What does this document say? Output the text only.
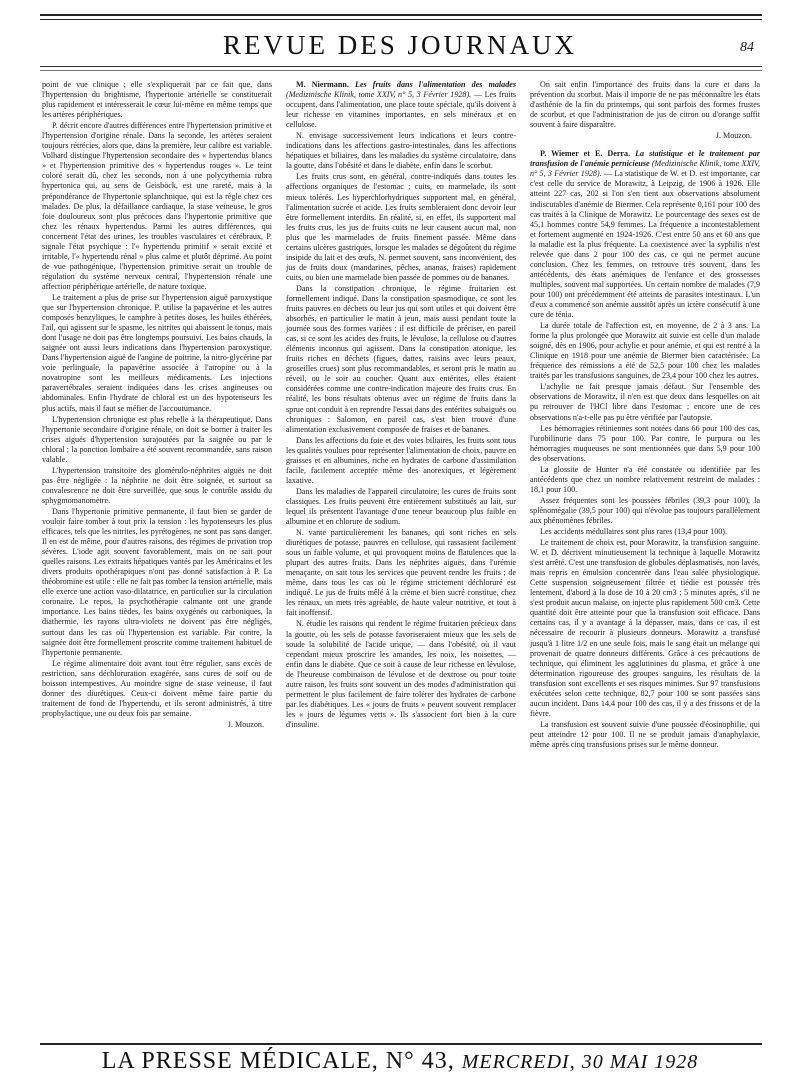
REVUE DES JOURNAUX	84

point de vue clinique ; elle s'expliquerait par ce fait que, dans l'hypertension du brightisme, l'hypertonie artérielle se constituerait plus rapidement et intéresserait le cœur lui-même en même temps que les artères périphériques.

P. décrit encore d'autres différences entre l'hypertension primitive et l'hypertension d'origine rénale. Dans la seconde, les artères seraient toujours rétrécies, alors que, dans la première, leur calibre est variable. Volhard distingue l'hypertension secondaire des « hypertendus blancs » et l'hypertension primitive des « hypertendus rouges ». Le teint coloré serait dû, chez les seconds, non à une polycythemia rubra hypertonica qui, au sens de Geisböck, est une rareté, mais à la prépondérance de l'hypertonie splanchnique, qui est la règle chez ces malades. De plus, la défaillance cardiaque, la stase veineuse, le gros foie douloureux sont plus précoces dans l'hypertonie primitive que chez les rénaux hypertendus. Parmi les autres différences, qui concernent l'état des urines, les troubles vasculaires et cérébraux, P. signale l'état psychique : l'« hypertendu primitif » serait excité et irritable, l'« hypertendu rénal » plus calme et plutôt déprimé. Au point de vue pathogénique, l'hypertension primitive serait un trouble de régulation du système nerveux central, l'hypertension rénale une affection périphérique artérielle, de nature toxique.

Le traitement a plus de prise sur l'hypertension aiguë paroxystique que sur l'hypertension chronique. P. utilise la papavérine et les autres composés benzyliques, le camphre à petites doses, les huiles éthérées, l'ail, qui agissent sur le spasme, les nitrites qui abaissent le tonus, mais dont l'usage ne doit pas être longtemps poursuivi. Les bains chauds, la saignée ont aussi leurs indications dans l'hypertension paroxystique. Dans l'hypertension aiguë de l'angine de poitrine, la nitro-glycérine par voie perlinguale, la papavérine associée à l'atropine ou à la novatropine sont les meilleurs médicaments. Les injections paravertébrales seraient indiquées dans les crises angineuses ou abdominales. Enfin l'hydrate de chloral est un des hypotenseurs les plus actifs, mais il faut se méfier de l'accoutumance.

L'hypertension chronique est plus rebelle à la thérapeutique. Dans l'hypertonie secondaire d'origine rénale, on doit se borner à traiter les crises aiguës d'hypertension surajoutées par la saignée ou par le chloral ; la ponction lombaire a été souvent recommandée, sans raison valable.

L'hypertension transitoire des glomérulo-néphrites aiguës ne doit pas être négligée : la néphrite ne doit être soignée, et surtout sa convalescence ne doit être surveillée, que sous le contrôle assidu du sphygmomanomètre.

Dans l'hypertonie primitive permanente, il faut bien se garder de vouloir faire tomber à tout prix la tension : les hypotenseurs les plus efficaces, tels que les nitrites, les pyrétogènes, ne sont pas sans danger. Il en est de même, pour d'autres raisons, des régimes de privation trop sévères. L'iode agit souvent favorablement, mais on ne sait pour quelles raisons. Les extraits hépatiques vantés par les Américains et les divers produits opothérapiques n'ont pas donné satisfaction à P. La théobromine est utile : elle ne fait pas tomber la tension artérielle, mais elle exerce une action vaso-dilatatrice, en particulier sur la circulation coronaire. Le repos, la psychothérapie calmante ont une grande importance. Les bains tièdes, les bains oxygénés ou carboniques, la diathermie, les rayons ultra-violets ne doivent pas être négligés, surtout dans les cas où l'hypertension est variable. Par contre, la saignée doit être formellement proscrite comme traitement habituel de l'hypertonie permanente.

Le régime alimentaire doit avant tout être régulier, sans excès de restriction, sans déchloruration exagérée, sans cures de soif ou de boisson intempestives. Au moindre signe de stase veineuse, il faut donner des diurétiques. Ceux-ci doivent même faire partie du traitement de fond de l'hypertendu, et ils seront administrés, à titre prophylactique, une ou deux fois par semaine.

J. Mouzon.

M. Niermann. Les fruits dans l'alimentation des malades (Medizinische Klinik, tome XXIV, n° 5, 3 Février 1928). — Les fruits occupent, dans l'alimentation, une place toute spéciale, qu'ils doivent à leur richesse en vitamines importantes, en sels minéraux et en cellulose.

N. envisage successivement leurs indications et leurs contre-indications dans les affections gastro-intestinales, dans les affections hépatiques et biliaires, dans les maladies du système circulatoire, dans la goutte, dans l'obésité et dans le diabète, enfin dans le scorbut.

Les fruits crus sont, en général, contre-indiqués dans toutes les affections organiques de l'estomac ; cuits, en marmelade, ils sont mieux tolérés. Les hyperchlorhydriques supportent mal, en général, l'alimentation sucrée et acide. Les fruits sembleraient donc devoir leur être formellement interdits. En réalité, si, en effet, ils supportent mal les fruits crus, les jus de fruits cuits ne leur causent aucun mal, non plus que les marmelades de fruits finement passée. Même dans certains ulcères gastriques, lorsque les malades se dégoûtent du régime insipide du lait et des œufs, N. permet souvent, sans inconvénient, des jus de fruits doux (mandarines, pêches, ananas, fraises) rapidement cuits, ou bien une marmelade bien passée de pommes ou de bananes.

Dans la constipation chronique, le régime fruitarien est formellement indiqué. Dans la constipation spasmodique, ce sont les fruits pauvres en déchets ou leur jus qui sont utiles et qui doivent être absorbés, en particulier le matin à jeun, mais aussi pendant toute la journée sous des formes variées : il est difficile de préciser, en pareil cas, si ce sont les acides des fruits, le lévulose, la cellulose ou d'autres éléments inconnus qui agissent. Dans la constipation atonique, les fruits riches en déchets (figues, dattes, raisins avec leurs peaux, groseilles crues) sont plus recommandables, et seront pris le matin au réveil, ou le soir au coucher. Quant aux entérites, elles étaient considérées comme une contre-indication majeure des fruits crus. En réalité, les bons résultats obtenus avec un régime de fruits dans la sprue ont conduit à en reprendre l'essai dans des entérites subaiguës ou chroniques : Salomon, en pareil cas, s'est bien trouvé d'une alimentation exclusivement composée de fraises et de bananes.

Dans les affections du foie et des voies biliaires, les fruits sont tous les qualités voulues pour représenter l'alimentation de choix, pauvre en graisses et en albumines, riche en hydrates de carbone d'assimilation facile, facilement acceptée même des anorexiques, et légèrement laxative.

Dans les maladies de l'appareil circulatoire, les cures de fruits sont classiques. Les fruits peuvent être entièrement substitués au lait, sur lequel ils présentent l'avantage d'une teneur beaucoup plus faible en albumine et en chlorure de sodium.

N. vante particulièrement les bananes, qui sont riches en sels diurétiques de potasse, pauvres en cellulose, qui rassasient facilement sous un faible volume, et qui provoquent moins de flatulences que la plupart des autres fruits. Dans les néphrites aiguës, dans l'urémie menaçante, on sait tous les services que peuvent rendre les fruits ; de même, dans tous les cas où le régime strictement déchloruré est indiqué. Le jus de fruits mêlé à la crème et bien sucré constitue, chez les rénaux, un mets très agréable, de haute valeur nutritive, et tout à fait inoffensif.

N. étudie les raisons qui rendent le régime fruitarien précieux dans la goutte, où les sels de potasse favoriseraient mieux que les sels de soude la solubilité de l'acide urique, — dans l'obésité, où il vaut cependant mieux proscrire les amandes, les noix, les noisettes, — enfin dans le diabète. Que ce soit à cause de leur richesse en lévulose, de l'heureuse combinaison de lévulose et de dextrose ou pour toute autre raison, les fruits sont souvent un des modes d'administration qui permettent le plus facilement de faire tolérer des hydrates de carbone par les diabétiques. Les « jours de fruits » peuvent souvent remplacer les « jours de légumes verts ». Ils s'associent fort bien à la cure d'insuline.

On sait enfin l'importance des fruits dans la cure et dans la prévention du scorbut. Mais il importe de ne pas méconnaître les états d'asthénie de la fin du printemps, qui sont parfois des formes frustes de scorbut, et que l'administration de jus de citron ou d'orange suffit souvent à faire disparaître.

J. Mouzon.

P. Wiemer et E. Derra. La statistique et le traitement par transfusion de l'anémie pernicieuse (Medizinische Klinik, tome XXIV, n° 5, 3 Février 1928). — La statistique de W. et D. est importante, car c'est celle du service de Morawitz, à Leipzig, de 1906 à 1926. Elle atteint 227 cas, 202 si l'on s'en tient aux observations absolument indiscutables d'anémie de Biermer. Cela représente 0,161 pour 100 des cas traités à la Clinique de Morawitz. Le pourcentage des sexes est de 45,1 hommes contre 54,9 femmes. La fréquence a incontestablement et fortement augmenté en 1924-1926. C'est entre 50 ans et 60 ans que la maladie est la plus fréquente. La coexistence avec la syphilis n'est relevée que dans 2 pour 100 des cas, ce qui ne permet aucune conclusion. Chez les femmes, on retrouve très souvent, dans les antécédents, des états anémiques de l'enfance et des grossesses multiples, souvent mal supportées. Un certain nombre de malades (7,9 pour 100) ont précédemment été atteints de parasites intestinaux. L'un d'eux a commencé son anémie aussitôt après un ictère consécutif à une cure de ténia.

La durée totale de l'affection est, en moyenne, de 2 à 3 ans. La forme la plus prolongée que Morawitz ait suivie est celle d'un malade soigné, dès en 1906, pour achylie et pour anémie, et qui est rentré à la Clinique en 1918 pour une anémie de Biermer bien caractérisée. La fréquence des rémissions a été de 52,5 pour 100 chez les malades traités par les transfusions sanguines, de 23,4 pour 100 chez les autres.

L'achylie ne fait presque jamais défaut. Sur l'ensemble des observations de Morawitz, il n'en est que deux dans lesquelles on ait pu retrouver de l'HCl libre dans l'estomac ; encore une de ces observations n'a-t-elle pas pu être vérifiée par l'autopsie.

Les hémorragies rétiniennes sont notées dans 66 pour 100 des cas, l'urobilinurie dans 75 pour 100. Par contre, le purpura ou les hémorragies muqueuses ne sont mentionnées que dans 5,9 pour 100 des observations.

La glossite de Hunter n'a été constatée ou identifiée par les antécédents que chez un nombre relativement restreint de malades : 18,1 pour 100.

Assez fréquentes sont les poussées fébriles (39,3 pour 100), la splénomégalie (39,5 pour 100) qui n'évolue pas toujours parallèlement aux phénomènes fébriles.

Les accidents médullaires sont plus rares (13,4 pour 100).

Le traitement de choix est, pour Morawitz, la transfusion sanguine. W. et D. décrivent minutieusement la technique à laquelle Morawitz s'est arrêté. C'est une transfusion de globules déplasmatisés, non lavés, mais repris en émulsion concentrée dans l'eau salée physiologique. Cette suspension soigneusement filtrée et tiédie est poussée très lentement, d'abord à la dose de 10 à 20 cm3 ; 5 minutes après, s'il ne s'est produit aucun malaise, on injecte plus rapidement 500 cm3. Cette quantité doit être atteinte pour que la transfusion soit efficace. Dans certains cas, il y a avantage à la dépasser, mais, dans ce cas, il est nécessaire de recourir à plusieurs donneurs. Morawitz a transfusé jusqu'à 1 litre 1/2 en une seule fois, mais le sang était un mélange qui provenait de quatre donneurs différents. Grâce à ces précautions de technique, qui éliminent les agglutinines du plasma, et grâce à une détermination rigoureuse des groupes sanguins, les résultats de la transfusion sont excellents et ses risques minimes. Sur 97 transfusions exécutées selon cette technique, 82,7 pour 100 se sont passées sans aucun incident. Dans 14,4 pour 100 des cas, il y a des frissons et de la fièvre.

La transfusion est souvent suivie d'une poussée d'éosinophilie, qui peut atteindre 12 pour 100. Il ne se produit jamais d'anaphylaxie, même après cinq transfusions prises sur le même donneur.

LA PRESSE MÉDICALE, N° 43, MERCREDI, 30 MAI 1928
